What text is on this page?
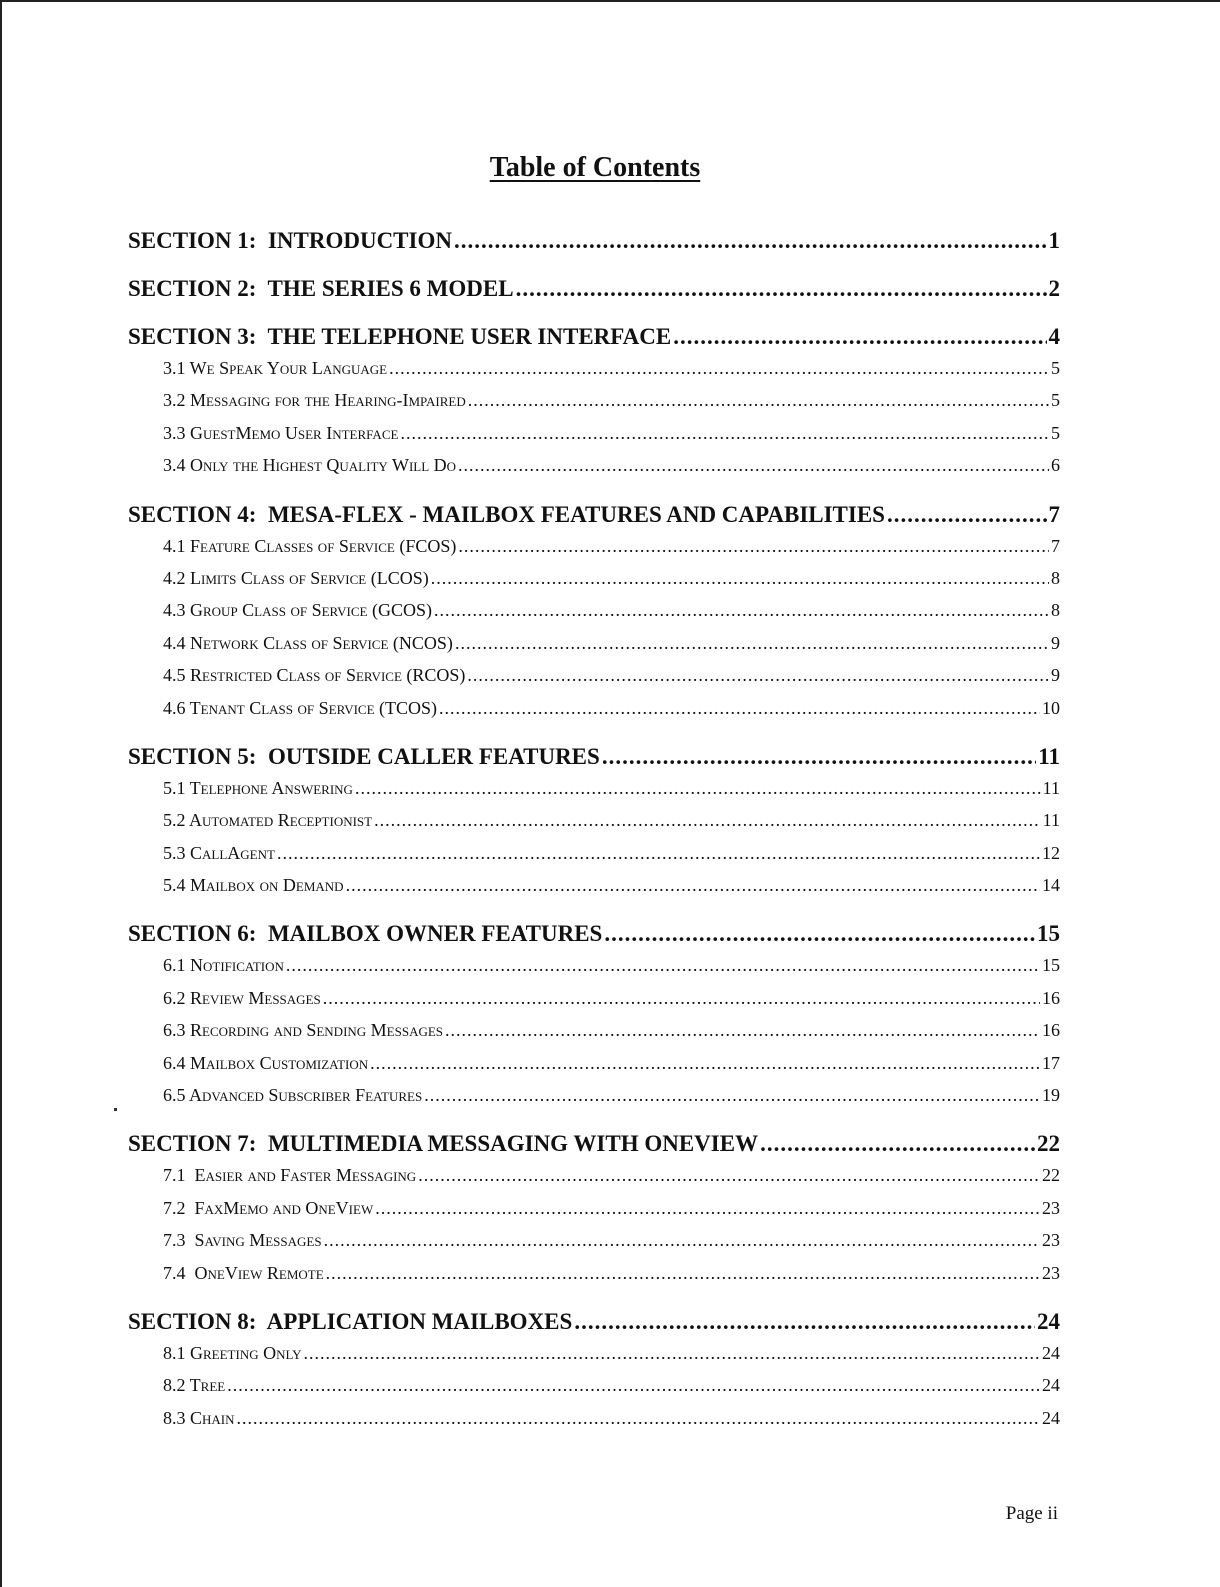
Table of Contents
SECTION 1:  INTRODUCTION .....	1
SECTION 2:  THE SERIES 6 MODEL .....	2
SECTION 3:  THE TELEPHONE USER INTERFACE .....	4
3.1 We Speak Your Language .....	5
3.2 Messaging for the Hearing-Impaired .....	5
3.3 GuestMemo User Interface .....	5
3.4 Only the Highest Quality Will Do .....	6
SECTION 4:  MESA-FLEX - MAILBOX FEATURES AND CAPABILITIES .....	7
4.1 Feature Classes of Service (FCOS) .....	7
4.2 Limits Class of Service (LCOS) .....	8
4.3 Group Class of Service (GCOS) .....	8
4.4 Network Class of Service (NCOS) .....	9
4.5 Restricted Class of Service (RCOS) .....	9
4.6 Tenant Class of Service (TCOS) .....	10
SECTION 5:  OUTSIDE CALLER FEATURES .....	11
5.1 Telephone Answering .....	11
5.2 Automated Receptionist .....	11
5.3 CallAgent .....	12
5.4 Mailbox on Demand .....	14
SECTION 6:  MAILBOX OWNER FEATURES .....	15
6.1 Notification .....	15
6.2 Review Messages .....	16
6.3 Recording and Sending Messages .....	16
6.4 Mailbox Customization .....	17
6.5 Advanced Subscriber Features .....	19
SECTION 7:  MULTIMEDIA MESSAGING WITH ONEVIEW .....	22
7.1  Easier and Faster Messaging .....	22
7.2  FaxMemo and OneView .....	23
7.3  Saving Messages .....	23
7.4  OneView Remote .....	23
SECTION 8:  APPLICATION MAILBOXES .....	24
8.1 Greeting Only .....	24
8.2 Tree .....	24
8.3 Chain .....	24
Page ii
